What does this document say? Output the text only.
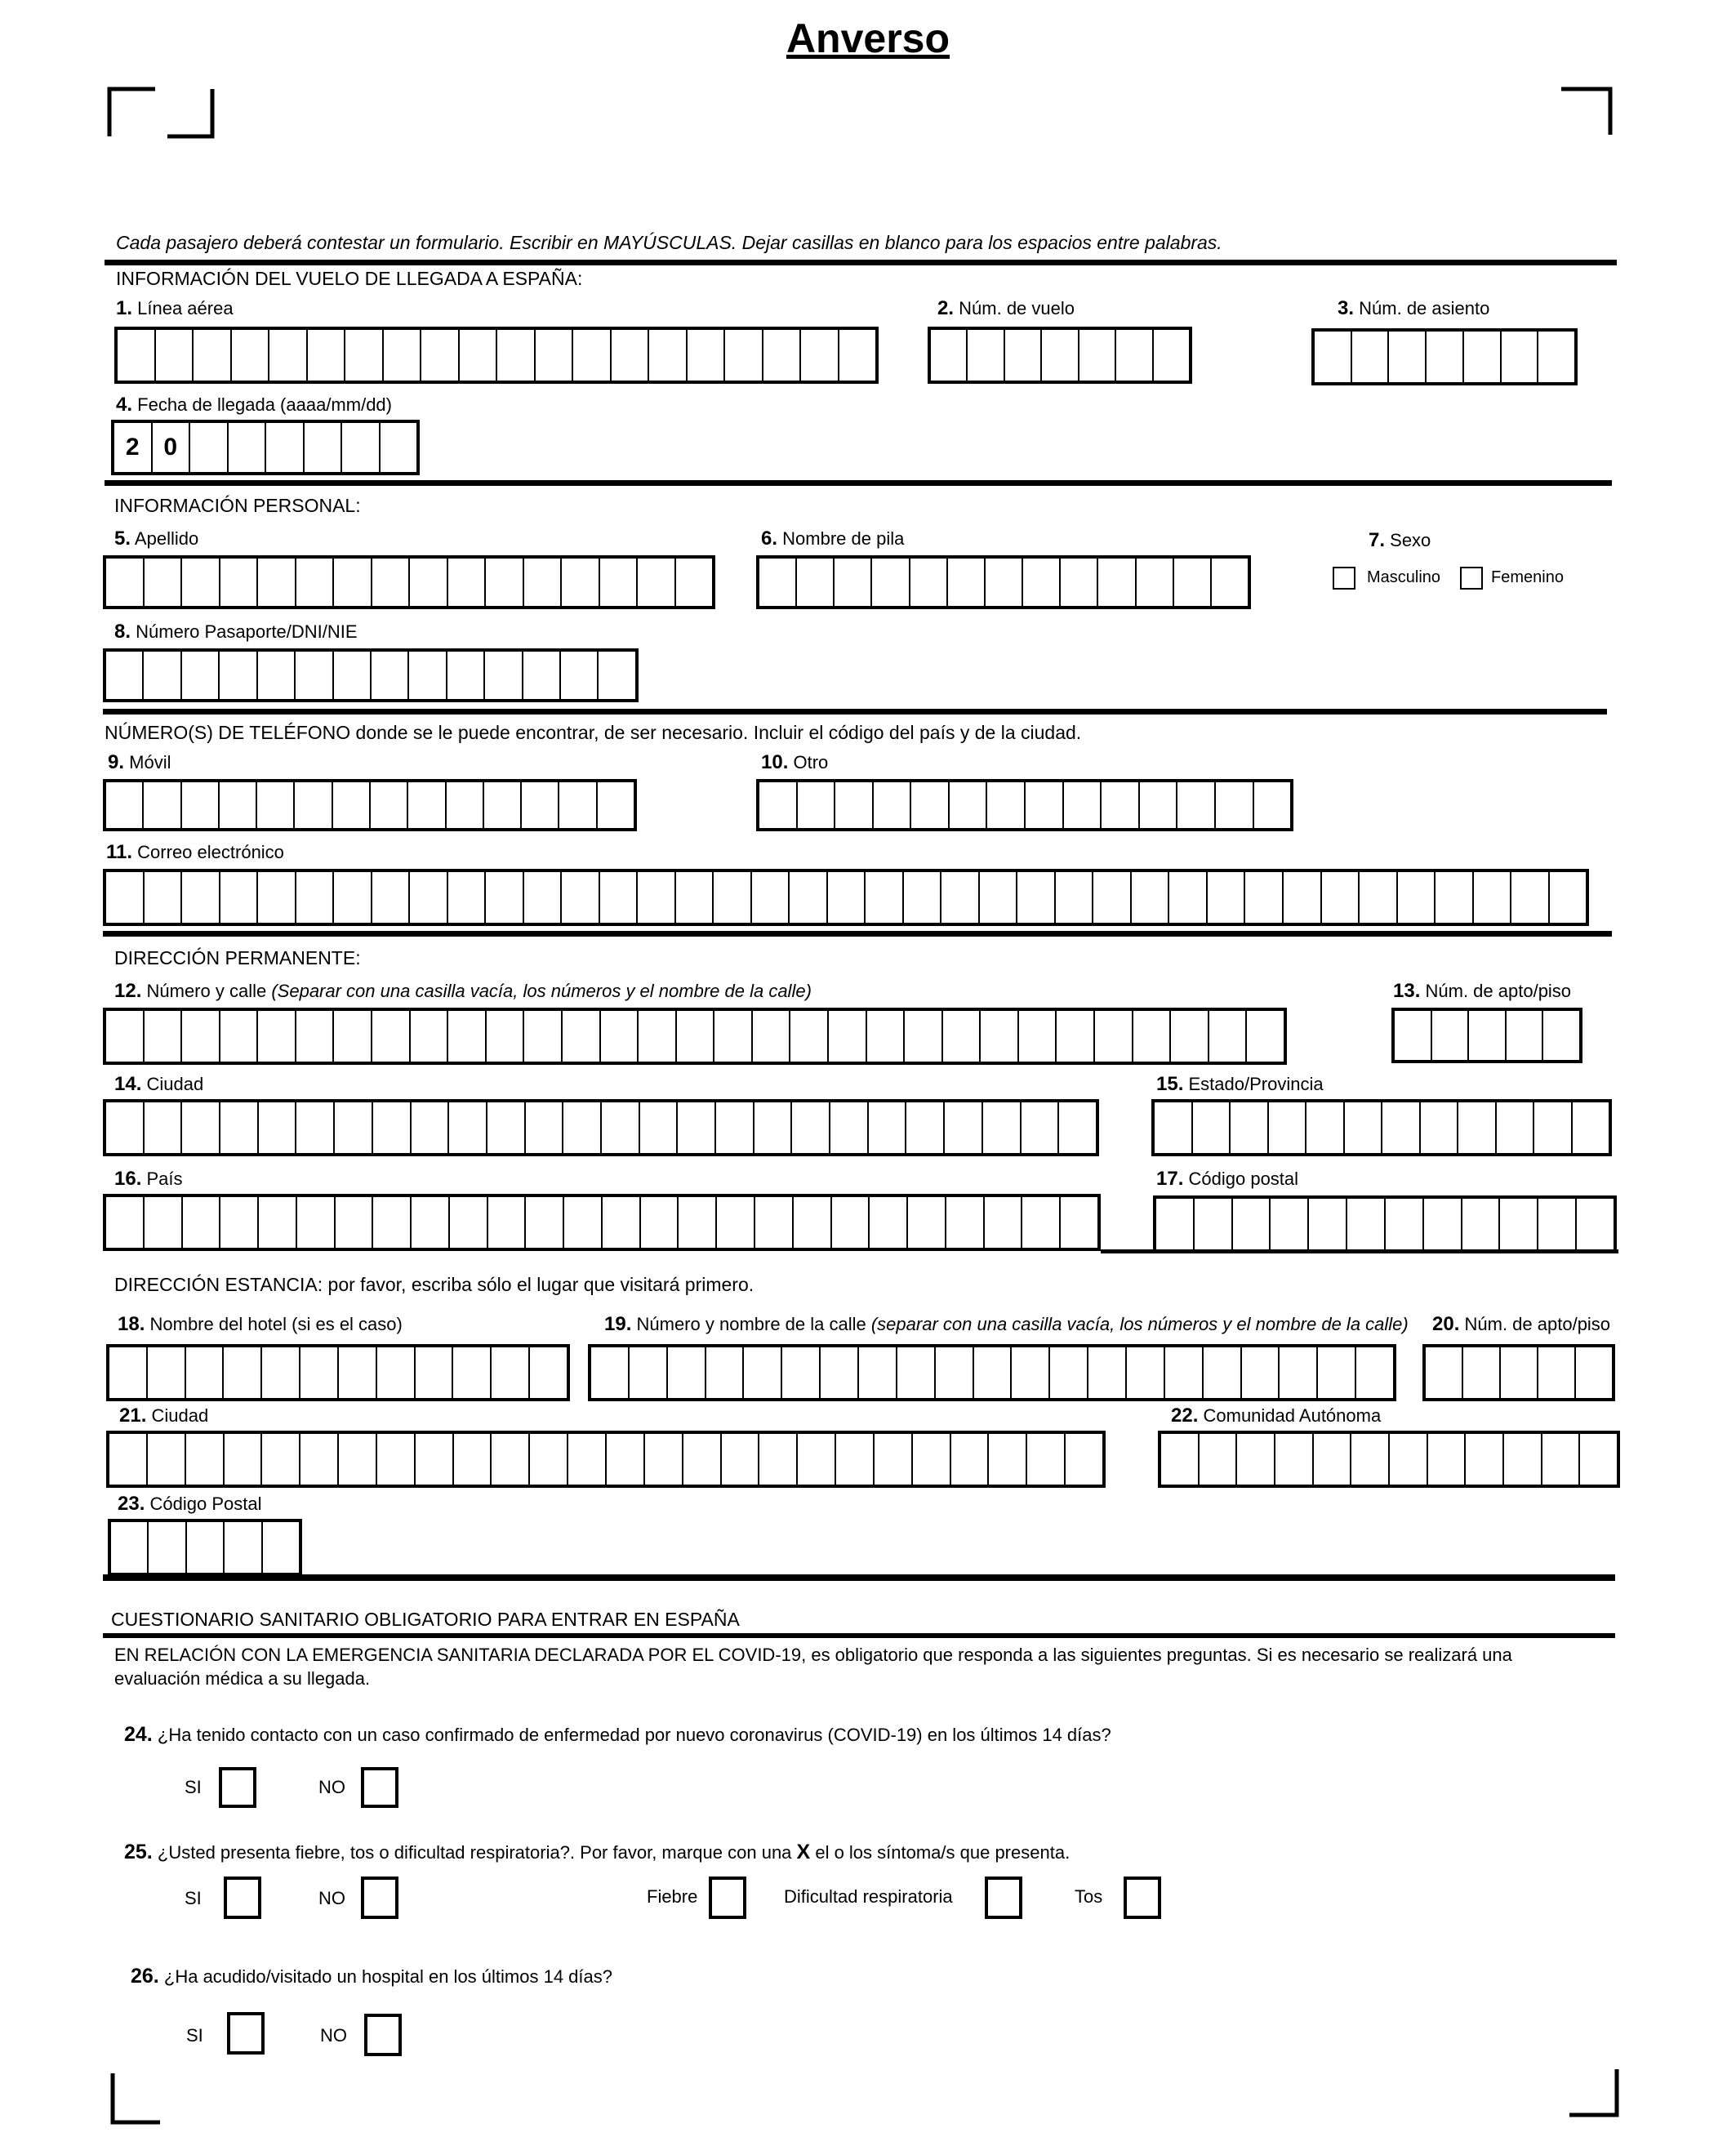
Anverso
Cada pasajero deberá contestar un formulario. Escribir en MAYÚSCULAS. Dejar casillas en blanco para los espacios entre palabras.
INFORMACIÓN DEL VUELO DE LLEGADA A ESPAÑA:
1. Línea aérea	2. Núm. de vuelo	3. Núm. de asiento
4. Fecha de llegada (aaaa/mm/dd)
2 0
INFORMACIÓN PERSONAL:
5. Apellido	6. Nombre de pila	7. Sexo
Masculino	Femenino
8. Número Pasaporte/DNI/NIE
NÚMERO(S) DE TELÉFONO donde se le puede encontrar, de ser necesario. Incluir el código del país y de la ciudad.
9. Móvil	10. Otro
11. Correo electrónico
DIRECCIÓN PERMANENTE:
12. Número y calle (Separar con una casilla vacía, los números y el nombre de la calle)	13. Núm. de apto/piso
14. Ciudad	15. Estado/Provincia
16. País	17. Código postal
DIRECCIÓN ESTANCIA: por favor, escriba sólo el lugar que visitará primero.
18. Nombre del hotel (si es el caso)	19. Número y nombre de la calle (separar con una casilla vacía, los números y el nombre de la calle) 20. Núm. de apto/piso
21. Ciudad	22. Comunidad Autónoma
23. Código Postal
CUESTIONARIO SANITARIO OBLIGATORIO PARA ENTRAR EN ESPAÑA
EN RELACIÓN CON LA EMERGENCIA SANITARIA DECLARADA POR EL COVID-19, es obligatorio que responda a las siguientes preguntas. Si es necesario se realizará una evaluación médica a su llegada.
24. ¿Ha tenido contacto con un caso confirmado de enfermedad por nuevo coronavirus (COVID-19) en los últimos 14 días?
SI	NO
25. ¿Usted presenta fiebre, tos o dificultad respiratoria?. Por favor, marque con una X el o los síntoma/s que presenta.
SI	NO	Fiebre	Dificultad respiratoria	Tos
26. ¿Ha acudido/visitado un hospital en los últimos 14 días?
SI	NO
